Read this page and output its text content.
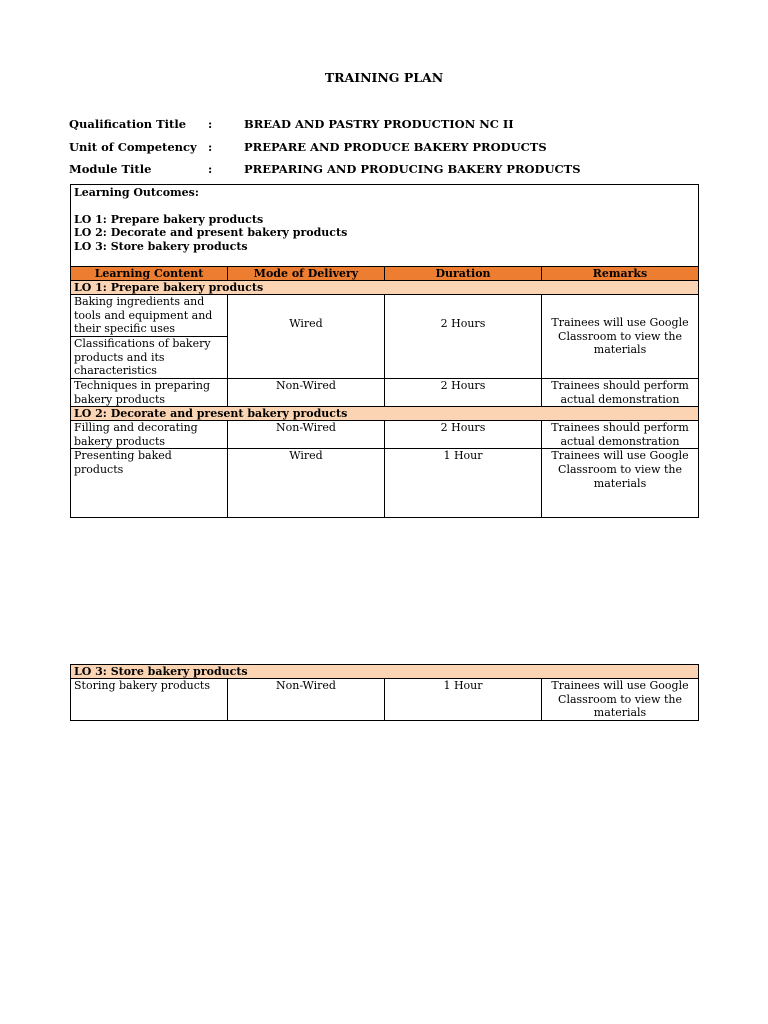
TRAINING PLAN
Qualification Title :	BREAD AND PASTRY PRODUCTION NC II
Unit of Competency :	PREPARE AND PRODUCE BAKERY PRODUCTS
Module Title	:	PREPARING AND PRODUCING BAKERY PRODUCTS
Learning Outcomes:
LO 1: Prepare bakery products
LO 2: Decorate and present bakery products
LO 3: Store bakery products			

Learning Content	Mode of Delivery	Duration	Remarks
LO 1: Prepare bakery products			
Baking ingredients and tools and equipment and their specific uses	Wired	2 Hours	Trainees will use Google Classroom to view the materials
Classifications of bakery products and its characteristics			
Techniques in preparing bakery products	Non-Wired	2 Hours	Trainees should perform actual demonstration
LO 2: Decorate and present bakery products			
Filling and decorating bakery products	Non-Wired	2 Hours	Trainees should perform actual demonstration
Presenting baked products	Wired	1 Hour	Trainees will use Google Classroom to view the materials
LO 3: Store bakery products
Storing bakery products	Non-Wired	1 Hour	Trainees will use Google Classroom to view the materials
